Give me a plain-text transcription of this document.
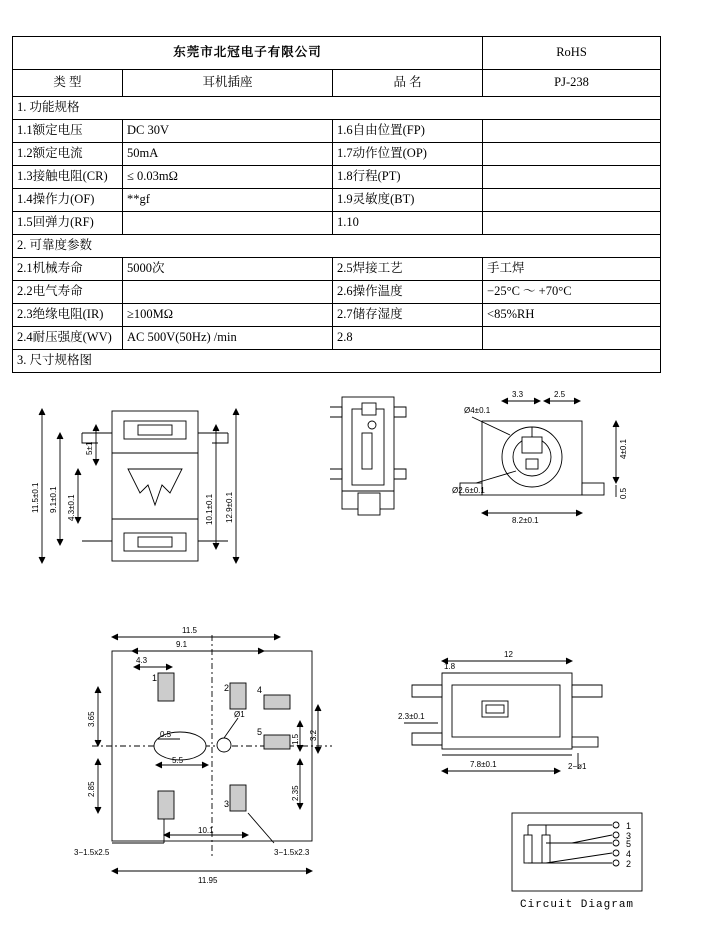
东莞市北冠电子有限公司			RoHS
类 型	耳机插座	品 名	PJ-238
1. 功能规格			
1.1额定电压	DC 30V	1.6自由位置(FP)	
1.2额定电流	50mA	1.7动作位置(OP)	
1.3接触电阻(CR)	≤ 0.03mΩ	1.8行程(PT)	
1.4操作力(OF)	**gf	1.9灵敏度(BT)	
1.5回弹力(RF)		1.10	
2. 可靠度参数			
2.1机械寿命	5000次	2.5焊接工艺	手工焊
2.2电气寿命		2.6操作温度	−25°C ～ +70°C
2.3绝缘电阻(IR)	≥100MΩ	2.7储存湿度	<85%RH
2.4耐压强度(WV)	AC 500V(50Hz) /min	2.8	
3. 尺寸规格图			
11.5±0.1 9.1±0.1 4.3±0.1
5±1
10.1±0.1 12.9±0.1
3.3	2.5
Ø4±0.1
Ø2.6±0.1
8.2±0.1
4±0.1
0.5
Ø1
1
2
3
4
5
11.5
9.1
4.3
3.65
2.85
0.5
5.5
1.5 3.2
2.35
3−1.5x2.5	3−1.5x2.3
10.1
11.95
12
1.8
2.3±0.1
7.8±0.1	2−ø1
1
3
5
4
2
Circuit Diagram
